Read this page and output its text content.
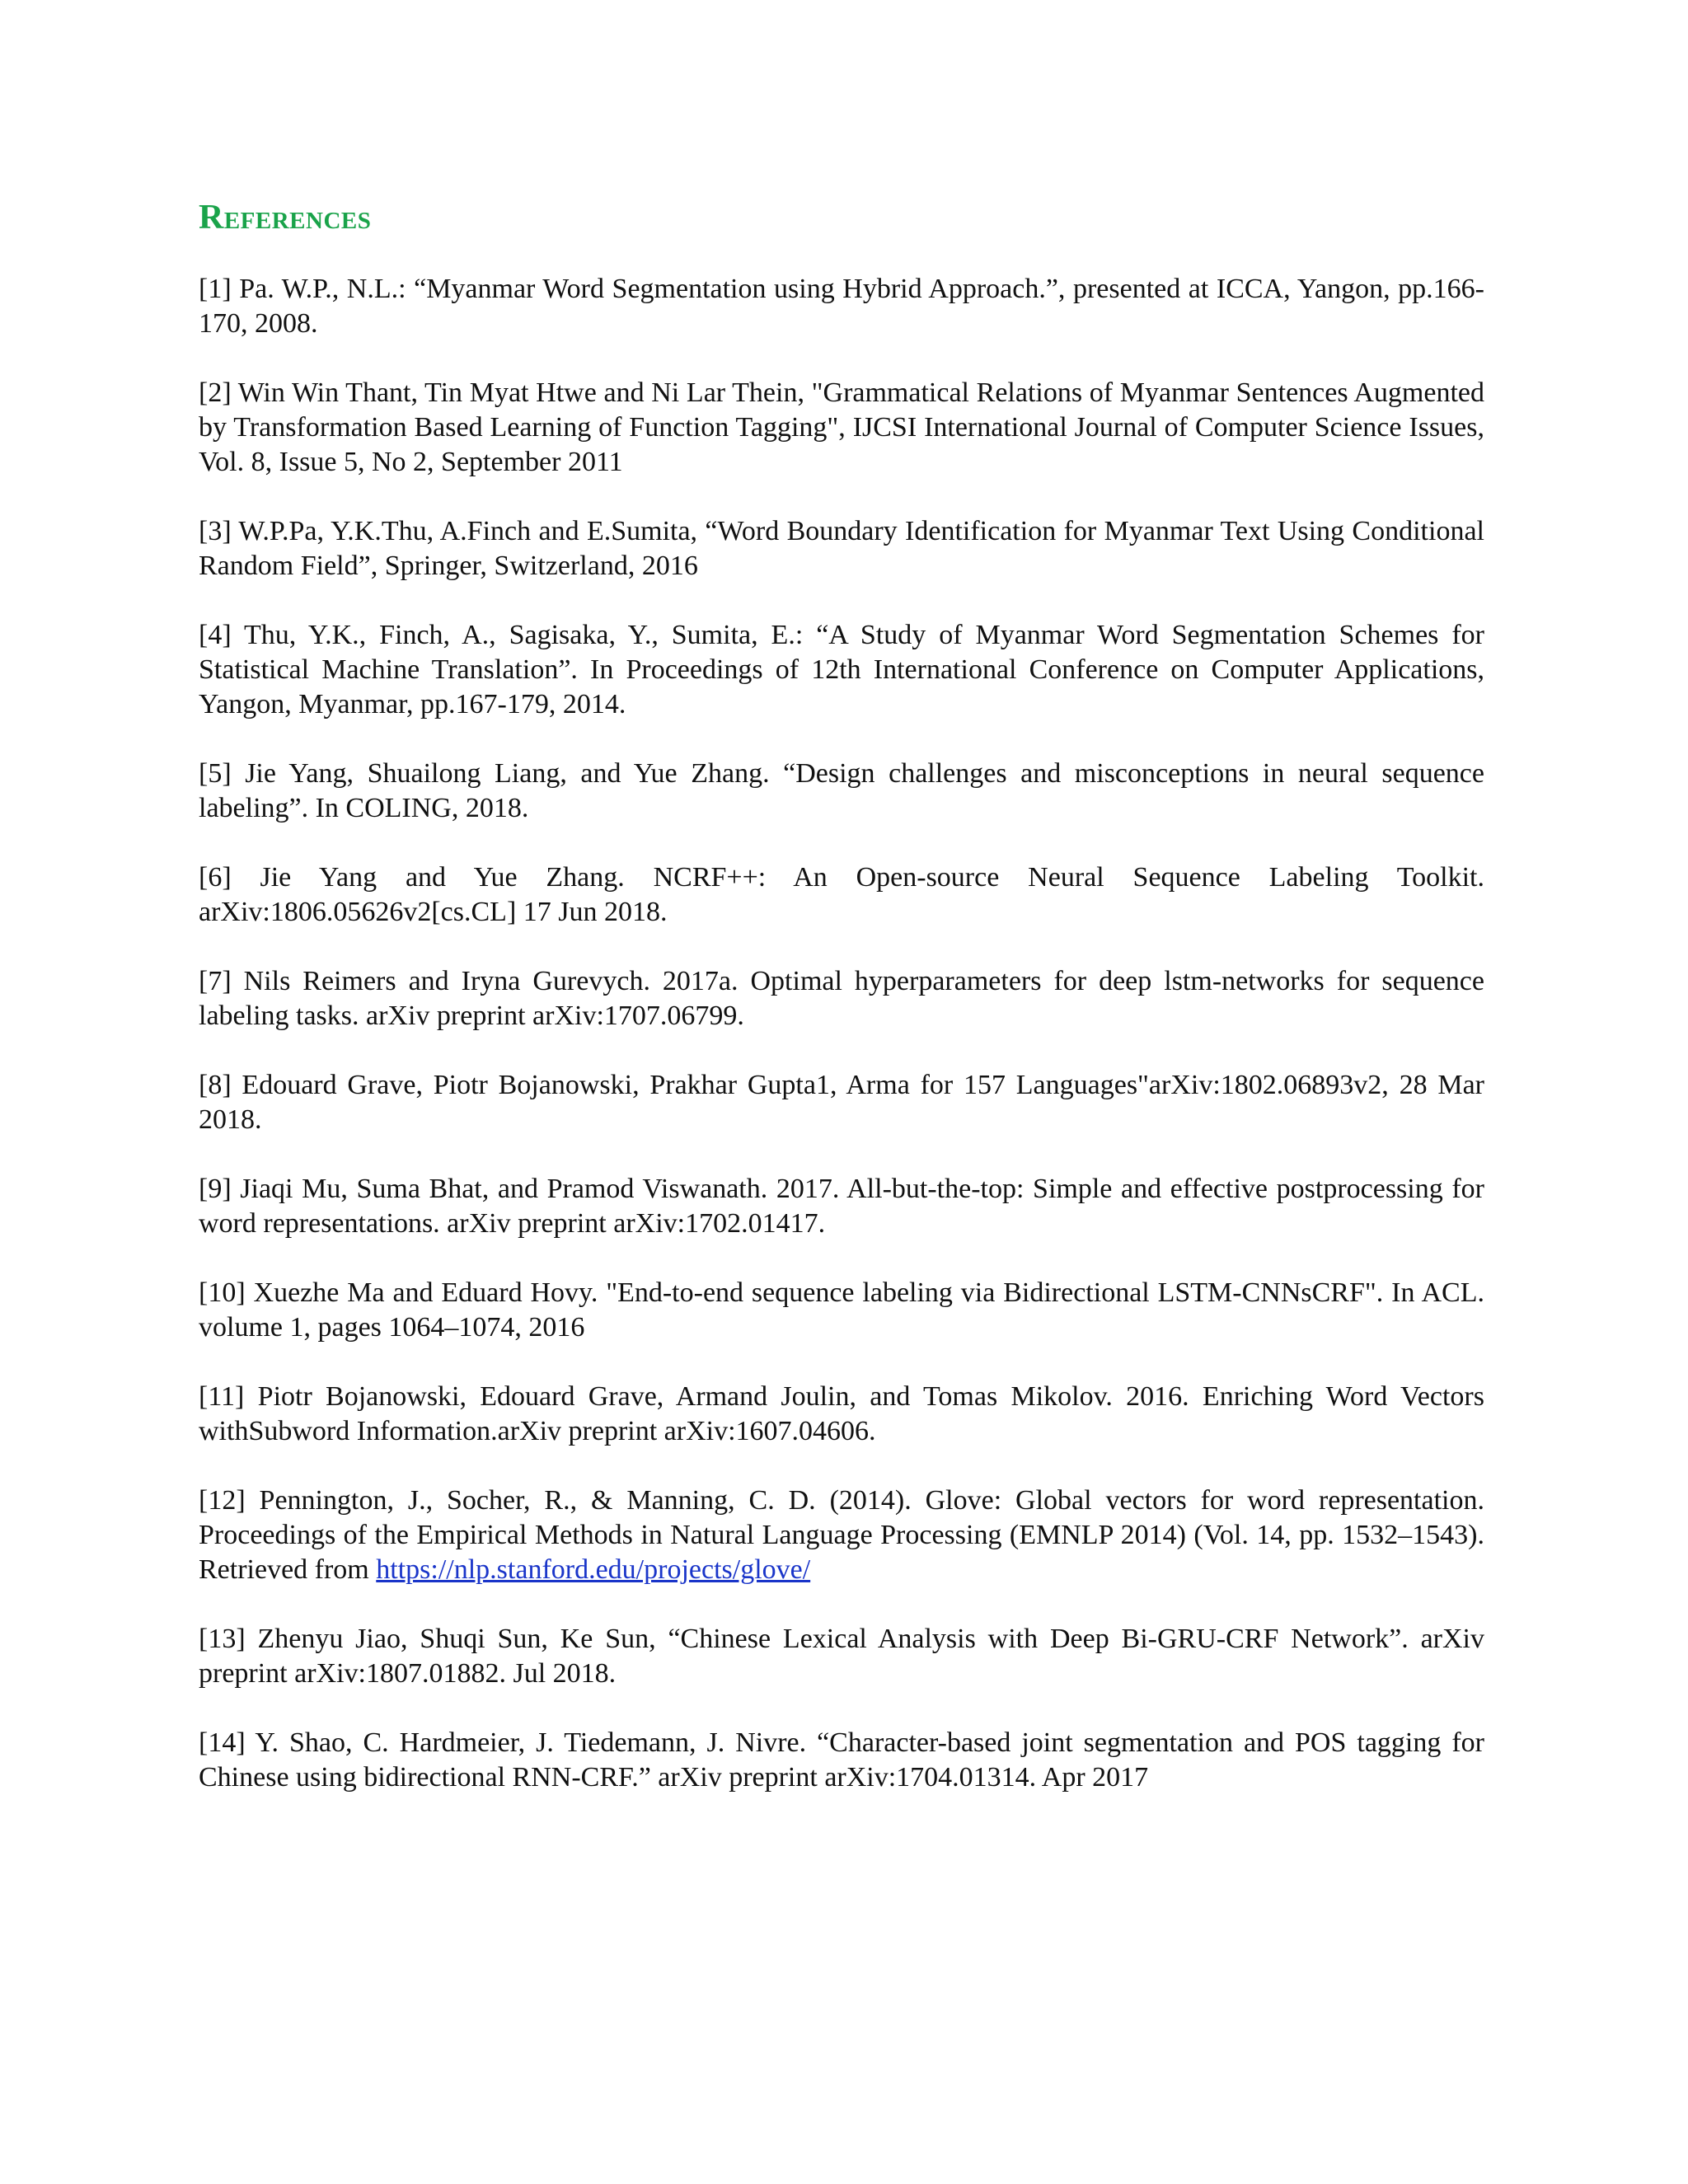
References

[1] Pa. W.P., N.L.: “Myanmar Word Segmentation using Hybrid Approach.”, presented at ICCA, Yangon, pp.166-170, 2008.

[2] Win Win Thant, Tin Myat Htwe and Ni Lar Thein, "Grammatical Relations of Myanmar Sentences Augmented by Transformation Based Learning of Function Tagging", IJCSI International Journal of Computer Science Issues, Vol. 8, Issue 5, No 2, September 2011

[3] W.P.Pa, Y.K.Thu, A.Finch and E.Sumita, “Word Boundary Identification for Myanmar Text Using Conditional Random Field”, Springer, Switzerland, 2016

[4] Thu, Y.K., Finch, A., Sagisaka, Y., Sumita, E.: “A Study of Myanmar Word Segmentation Schemes for Statistical Machine Translation”. In Proceedings of 12th International Conference on Computer Applications, Yangon, Myanmar, pp.167-179, 2014.

[5] Jie Yang, Shuailong Liang, and Yue Zhang. “Design challenges and misconceptions in neural sequence labeling”. In COLING, 2018.

[6] Jie Yang and Yue Zhang. NCRF++: An Open-source Neural Sequence Labeling Toolkit. arXiv:1806.05626v2[cs.CL] 17 Jun 2018.

[7] Nils Reimers and Iryna Gurevych. 2017a. Optimal hyperparameters for deep lstm-networks for sequence labeling tasks. arXiv preprint arXiv:1707.06799.

[8] Edouard Grave, Piotr Bojanowski, Prakhar Gupta1, Arma for 157 Languages"arXiv:1802.06893v2, 28 Mar 2018.

[9] Jiaqi Mu, Suma Bhat, and Pramod Viswanath. 2017. All-but-the-top: Simple and effective postprocessing for word representations. arXiv preprint arXiv:1702.01417.

[10] Xuezhe Ma and Eduard Hovy. "End-to-end sequence labeling via Bidirectional LSTM-CNNsCRF". In ACL. volume 1, pages 1064–1074, 2016

[11] Piotr Bojanowski, Edouard Grave, Armand Joulin, and Tomas Mikolov. 2016. Enriching Word Vectors withSubword Information.arXiv preprint arXiv:1607.04606.

[12] Pennington, J., Socher, R., & Manning, C. D. (2014). Glove: Global vectors for word representation. Proceedings of the Empirical Methods in Natural Language Processing (EMNLP 2014) (Vol. 14, pp. 1532–1543). Retrieved from https://nlp.stanford.edu/projects/glove/

[13] Zhenyu Jiao, Shuqi Sun, Ke Sun, “Chinese Lexical Analysis with Deep Bi-GRU-CRF Network”. arXiv preprint arXiv:1807.01882. Jul 2018.

[14] Y. Shao, C. Hardmeier, J. Tiedemann, J. Nivre. “Character-based joint segmentation and POS tagging for Chinese using bidirectional RNN-CRF.” arXiv preprint arXiv:1704.01314. Apr 2017
